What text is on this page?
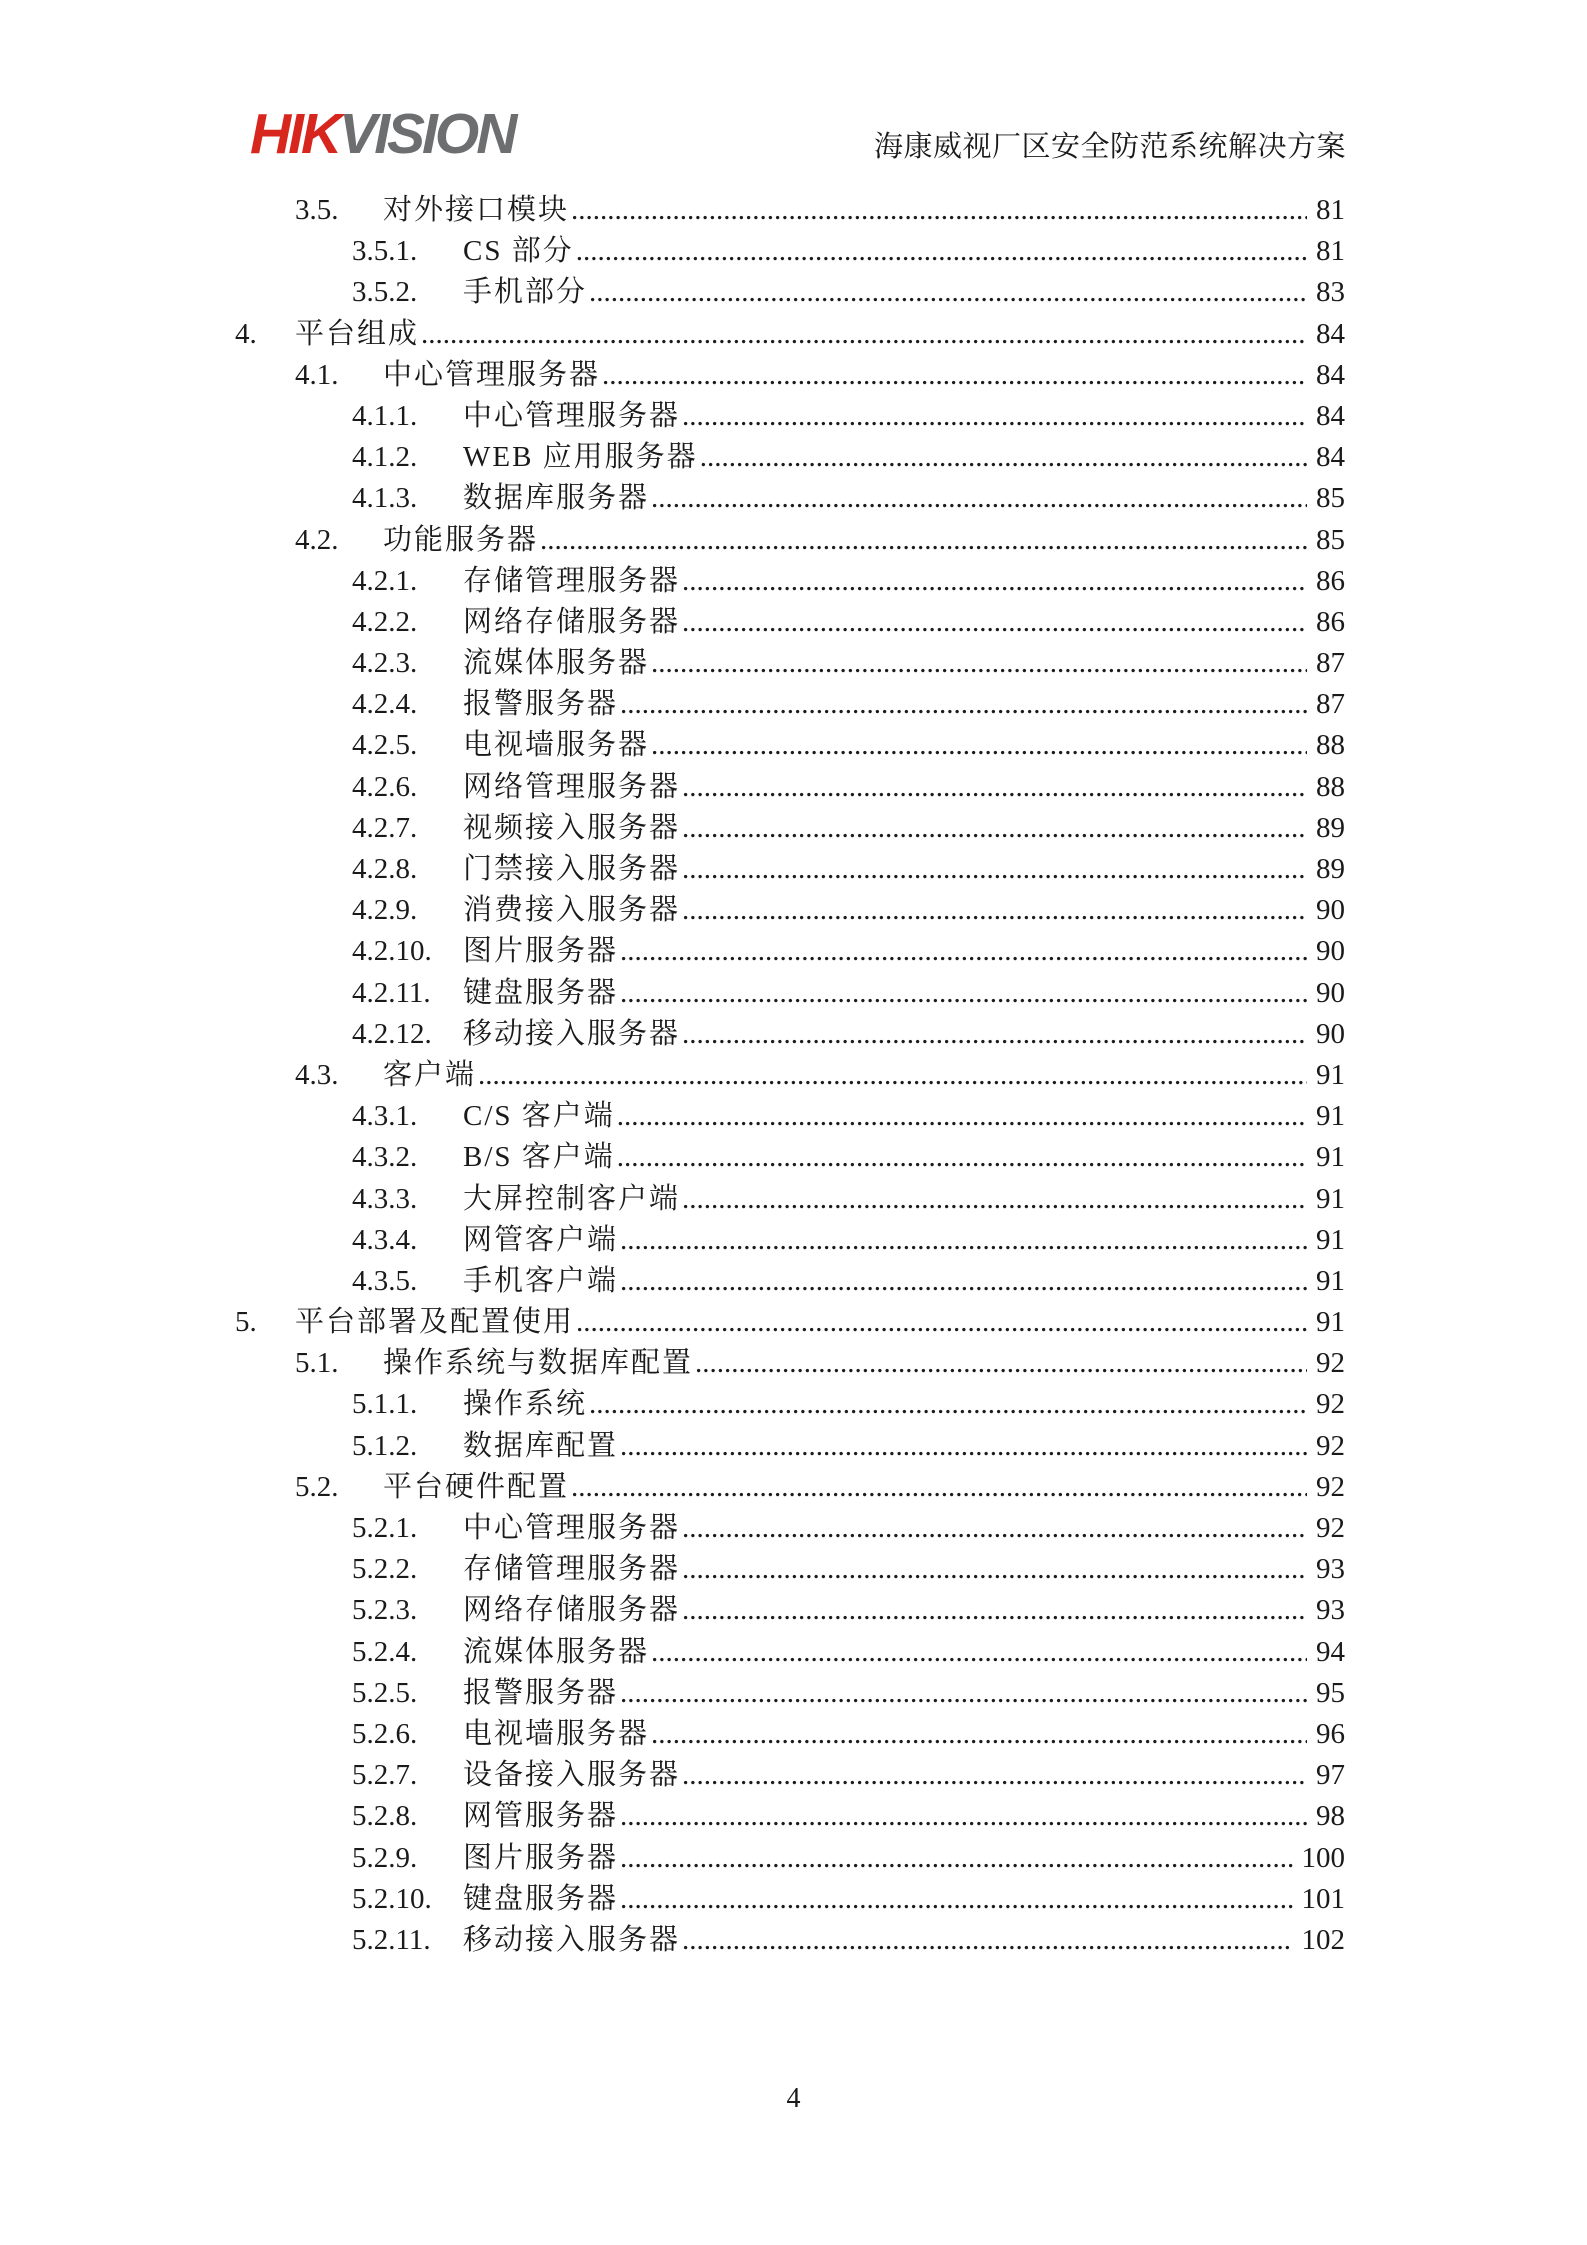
HIKVISION	海康威视厂区安全防范系统解决方案
3.5.	对外接口模块 .....	81
3.5.1.	CS 部分 .....	81
3.5.2.	手机部分 .....	83
4.	平台组成 .....	84
4.1.	中心管理服务器 .....	84
4.1.1.	中心管理服务器 .....	84
4.1.2.	WEB 应用服务器 .....	84
4.1.3.	数据库服务器 .....	85
4.2.	功能服务器 .....	85
4.2.1.	存储管理服务器 .....	86
4.2.2.	网络存储服务器 .....	86
4.2.3.	流媒体服务器 .....	87
4.2.4.	报警服务器 .....	87
4.2.5.	电视墙服务器 .....	88
4.2.6.	网络管理服务器 .....	88
4.2.7.	视频接入服务器 .....	89
4.2.8.	门禁接入服务器 .....	89
4.2.9.	消费接入服务器 .....	90
4.2.10.	图片服务器 .....	90
4.2.11.	键盘服务器 .....	90
4.2.12.	移动接入服务器 .....	90
4.3.	客户端 .....	91
4.3.1.	C/S 客户端 .....	91
4.3.2.	B/S 客户端 .....	91
4.3.3.	大屏控制客户端 .....	91
4.3.4.	网管客户端 .....	91
4.3.5.	手机客户端 .....	91
5.	平台部署及配置使用 .....	91
5.1.	操作系统与数据库配置 .....	92
5.1.1.	操作系统 .....	92
5.1.2.	数据库配置 .....	92
5.2.	平台硬件配置 .....	92
5.2.1.	中心管理服务器 .....	92
5.2.2.	存储管理服务器 .....	93
5.2.3.	网络存储服务器 .....	93
5.2.4.	流媒体服务器 .....	94
5.2.5.	报警服务器 .....	95
5.2.6.	电视墙服务器 .....	96
5.2.7.	设备接入服务器 .....	97
5.2.8.	网管服务器 .....	98
5.2.9.	图片服务器 .....	100
5.2.10.	键盘服务器 .....	101
5.2.11.	移动接入服务器 .....	102
4
